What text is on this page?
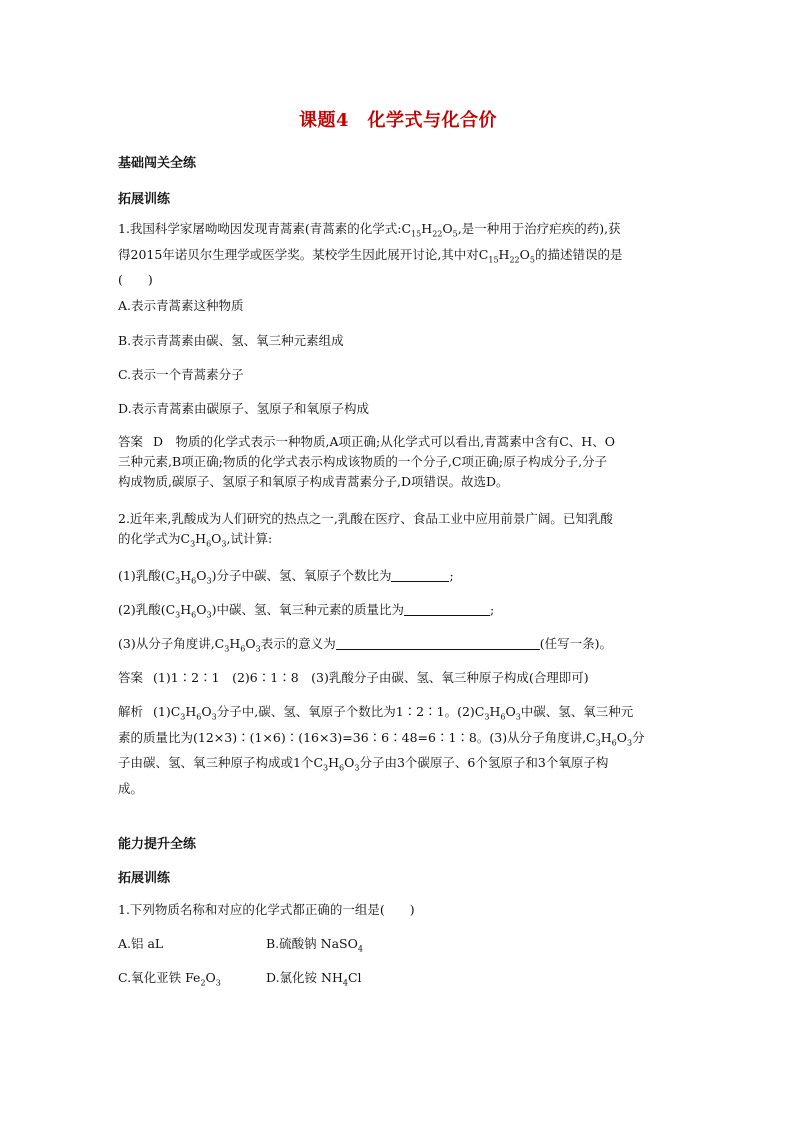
课题4　化学式与化合价
基础闯关全练
拓展训练
1.我国科学家屠呦呦因发现青蒿素(青蒿素的化学式$:C_{15}H_{22}O_5$,是一种用于治疗疟疾的药),获
得2015年诺贝尔生理学或医学奖。某校学生因此展开讨论,其中对$C_{15}H_{22}O_5$的描述错误的是
(　　)
A.表示青蒿素这种物质
B.表示青蒿素由碳、氢、氧三种元素组成
C.表示一个青蒿素分子
D.表示青蒿素由碳原子、氢原子和氧原子构成
答案 D　物质的化学式表示一种物质,A项正确;从化学式可以看出,青蒿素中含有C、H、O
三种元素,B项正确;物质的化学式表示构成该物质的一个分子,C项正确;原子构成分子,分子
构成物质,碳原子、氢原子和氧原子构成青蒿素分子,D项错误。故选D。
2.近年来,乳酸成为人们研究的热点之一,乳酸在医疗、食品工业中应用前景广阔。已知乳酸
的化学式为$C_3H_6O_3$,试计算:
(1)乳酸$(C_3H_6O_3)$分子中碳、氢、氧原子个数比为	;
(2)乳酸$(C_3H_6O_3)$中碳、氢、氧三种元素的质量比为	;
(3)从分子角度讲$,C_3H_6O_3$表示的意义为	(任写一条)。
答案 (1)1∶2∶1　(2)6∶1∶8　(3)乳酸分子由碳、氢、氧三种原子构成(合理即可)
解析 $(1)C_3H_6O_3$分子中,碳、氢、氧原子个数比为1∶2∶1。$(2)C_3H_6O_3$中碳、氢、氧三种元
素的质量比为(12×3)∶(1×6)∶(16×3)=36∶6∶48=6∶1∶8。(3)从分子角度讲$,C_3H_6O_3$分
子由碳、氢、氧三种原子构成或1个$C_3H_6O_3$分子由3个碳原子、6个氢原子和3个氧原子构
成。
能力提升全练
拓展训练
1.下列物质名称和对应的化学式都正确的一组是(　　)
A.铝 aL	B.硫酸钠 NaSO$_4$
C.氧化亚铁 $Fe_2O_3$	D.氯化铵 $NH_4Cl$
